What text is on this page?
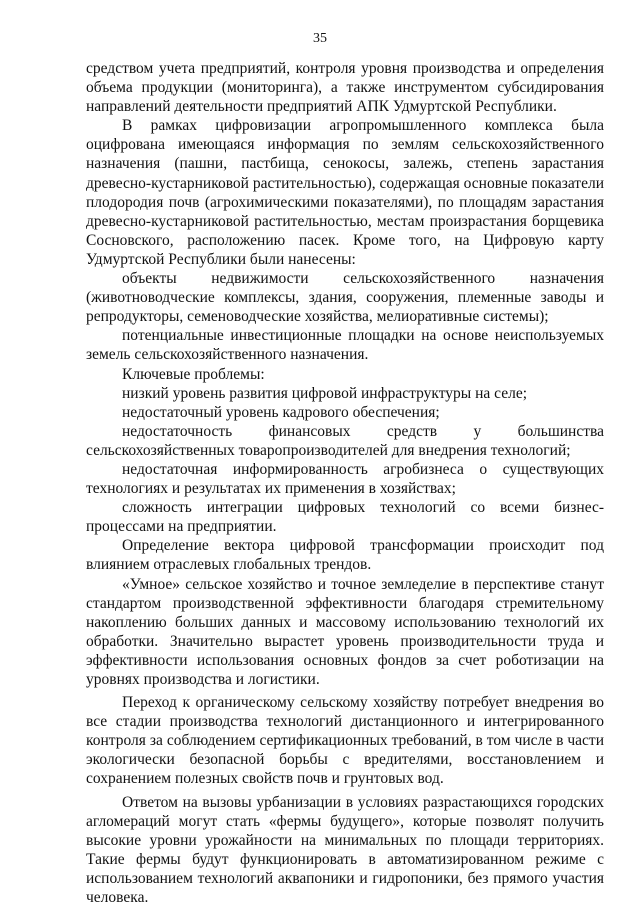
35

средством учета предприятий, контроля уровня производства и определения объема продукции (мониторинга), а также инструментом субсидирования направлений деятельности предприятий АПК Удмуртской Республики.

В рамках цифровизации агропромышленного комплекса была оцифрована имеющаяся информация по землям сельскохозяйственного назначения (пашни, пастбища, сенокосы, залежь, степень зарастания древесно-кустарниковой растительностью), содержащая основные показатели плодородия почв (агрохимическими показателями), по площадям зарастания древесно-кустарниковой растительностью, местам произрастания борщевика Сосновского, расположению пасек. Кроме того, на Цифровую карту Удмуртской Республики были нанесены:

объекты недвижимости сельскохозяйственного назначения (животноводческие комплексы, здания, сооружения, племенные заводы и репродукторы, семеноводческие хозяйства, мелиоративные системы);

потенциальные инвестиционные площадки на основе неиспользуемых земель сельскохозяйственного назначения.

Ключевые проблемы:

низкий уровень развития цифровой инфраструктуры на селе;

недостаточный уровень кадрового обеспечения;

недостаточность финансовых средств у большинства сельскохозяйственных товаропроизводителей для внедрения технологий;

недостаточная информированность агробизнеса о существующих технологиях и результатах их применения в хозяйствах;

сложность интеграции цифровых технологий со всеми бизнес-процессами на предприятии.

Определение вектора цифровой трансформации происходит под влиянием отраслевых глобальных трендов.

«Умное» сельское хозяйство и точное земледелие в перспективе станут стандартом производственной эффективности благодаря стремительному накоплению больших данных и массовому использованию технологий их обработки. Значительно вырастет уровень производительности труда и эффективности использования основных фондов за счет роботизации на уровнях производства и логистики.

Переход к органическому сельскому хозяйству потребует внедрения во все стадии производства технологий дистанционного и интегрированного контроля за соблюдением сертификационных требований, в том числе в части экологически безопасной борьбы с вредителями, восстановлением и сохранением полезных свойств почв и грунтовых вод.

Ответом на вызовы урбанизации в условиях разрастающихся городских агломераций могут стать «фермы будущего», которые позволят получить высокие уровни урожайности на минимальных по площади территориях. Такие фермы будут функционировать в автоматизированном режиме с использованием технологий аквапоники и гидропоники, без прямого участия человека.
